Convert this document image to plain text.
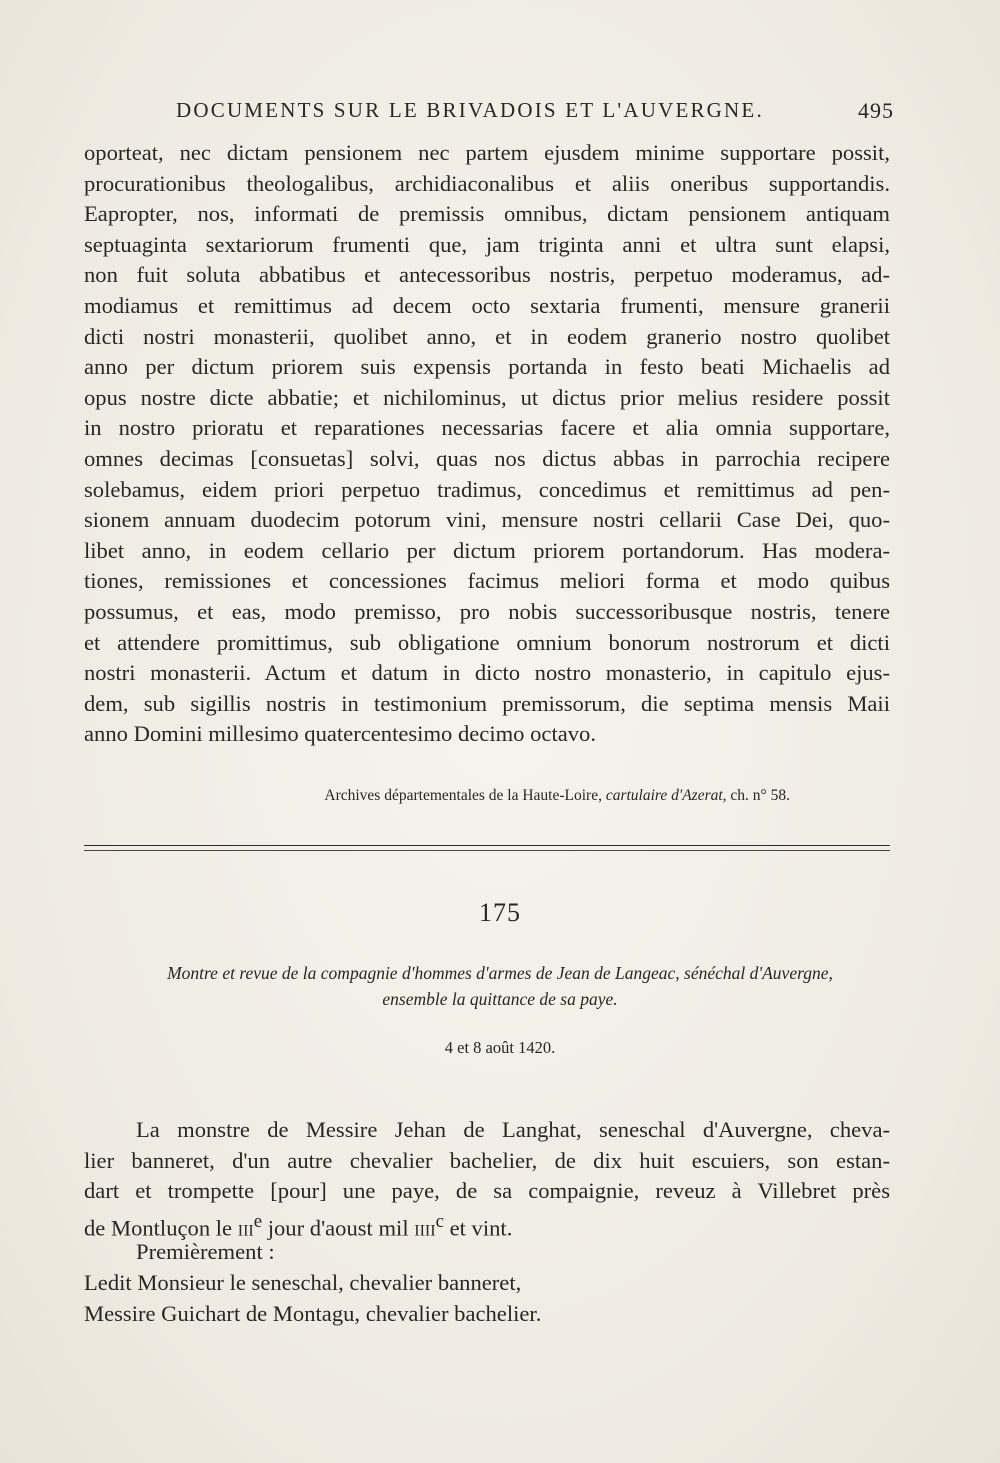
DOCUMENTS SUR LE BRIVADOIS ET L'AUVERGNE.	495
oporteat, nec dictam pensionem nec partem ejusdem minime supportare possit,
procurationibus theologalibus, archidiaconalibus et aliis oneribus supportandis.
Eapropter, nos, informati de premissis omnibus, dictam pensionem antiquam
septuaginta sextariorum frumenti que, jam triginta anni et ultra sunt elapsi,
non fuit soluta abbatibus et antecessoribus nostris, perpetuo moderamus, ad-
modiamus et remittimus ad decem octo sextaria frumenti, mensure granerii
dicti nostri monasterii, quolibet anno, et in eodem granerio nostro quolibet
anno per dictum priorem suis expensis portanda in festo beati Michaelis ad
opus nostre dicte abbatie; et nichilominus, ut dictus prior melius residere possit
in nostro prioratu et reparationes necessarias facere et alia omnia supportare,
omnes decimas [consuetas] solvi, quas nos dictus abbas in parrochia recipere
solebamus, eidem priori perpetuo tradimus, concedimus et remittimus ad pen-
sionem annuam duodecim potorum vini, mensure nostri cellarii Case Dei, quo-
libet anno, in eodem cellario per dictum priorem portandorum. Has modera-
tiones, remissiones et concessiones facimus meliori forma et modo quibus
possumus, et eas, modo premisso, pro nobis successoribusque nostris, tenere
et attendere promittimus, sub obligatione omnium bonorum nostrorum et dicti
nostri monasterii. Actum et datum in dicto nostro monasterio, in capitulo ejus-
dem, sub sigillis nostris in testimonium premissorum, die septima mensis Maii
anno Domini millesimo quatercentesimo decimo octavo.
Archives départementales de la Haute-Loire, cartulaire d'Azerat, ch. n° 58.
175
Montre et revue de la compagnie d'hommes d'armes de Jean de Langeac, sénéchal d'Auvergne,
ensemble la quittance de sa paye.
4 et 8 août 1420.
La monstre de Messire Jehan de Langhat, seneschal d'Auvergne, cheva-
lier banneret, d'un autre chevalier bachelier, de dix huit escuiers, son estan-
dart et trompette [pour] une paye, de sa compaignie, reveuz à Villebret près
de Montluçon le iii$^e$ jour d'aoust mil iiii$^c$ et vint.
Premièrement :
Ledit Monsieur le seneschal, chevalier banneret,
Messire Guichart de Montagu, chevalier bachelier.
